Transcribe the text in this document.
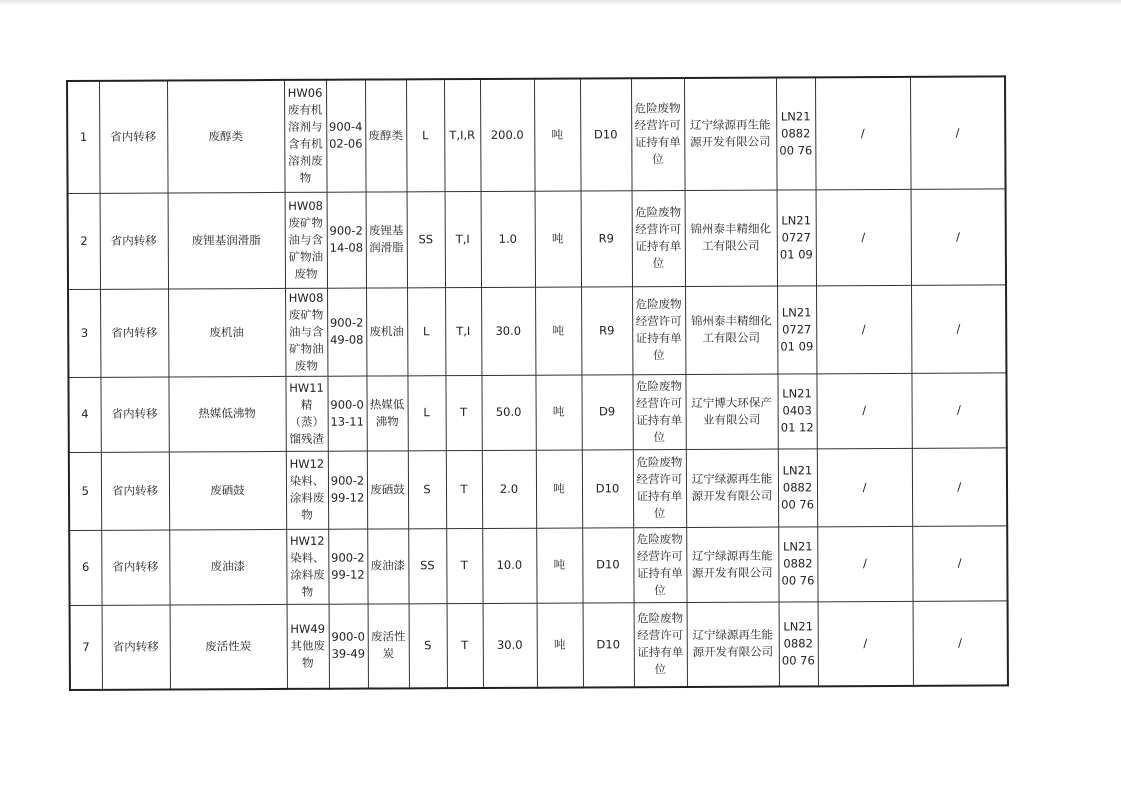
1	省内转移	废醇类	HW06 废有机溶剂与含有机溶剂废物	900-402-06	废醇类	L	T,I,R	200.0	吨	D10	危险废物经营许可证持有单位	辽宁绿源再生能源开发有限公司	LN21088200 76	/	/
2	省内转移	废锂基润滑脂	HW08 废矿物油与含矿物油废物	900-214-08	废锂基润滑脂	SS	T,I	1.0	吨	R9	危险废物经营许可证持有单位	锦州泰丰精细化工有限公司	LN21072701 09	/	/
3	省内转移	废机油	HW08 废矿物油与含矿物油废物	900-249-08	废机油	L	T,I	30.0	吨	R9	危险废物经营许可证持有单位	锦州泰丰精细化工有限公司	LN21072701 09	/	/
4	省内转移	热媒低沸物	HW11 精（蒸）馏残渣	900-013-11	热媒低沸物	L	T	50.0	吨	D9	危险废物经营许可证持有单位	辽宁博大环保产业有限公司	LN21040301 12	/	/
5	省内转移	废硒鼓	HW12 染料、涂料废物	900-299-12	废硒鼓	S	T	2.0	吨	D10	危险废物经营许可证持有单位	辽宁绿源再生能源开发有限公司	LN21088200 76	/	/
6	省内转移	废油漆	HW12 染料、涂料废物	900-299-12	废油漆	SS	T	10.0	吨	D10	危险废物经营许可证持有单位	辽宁绿源再生能源开发有限公司	LN21088200 76	/	/
7	省内转移	废活性炭	HW49 其他废物	900-039-49	废活性炭	S	T	30.0	吨	D10	危险废物经营许可证持有单位	辽宁绿源再生能源开发有限公司	LN21088200 76	/	/
